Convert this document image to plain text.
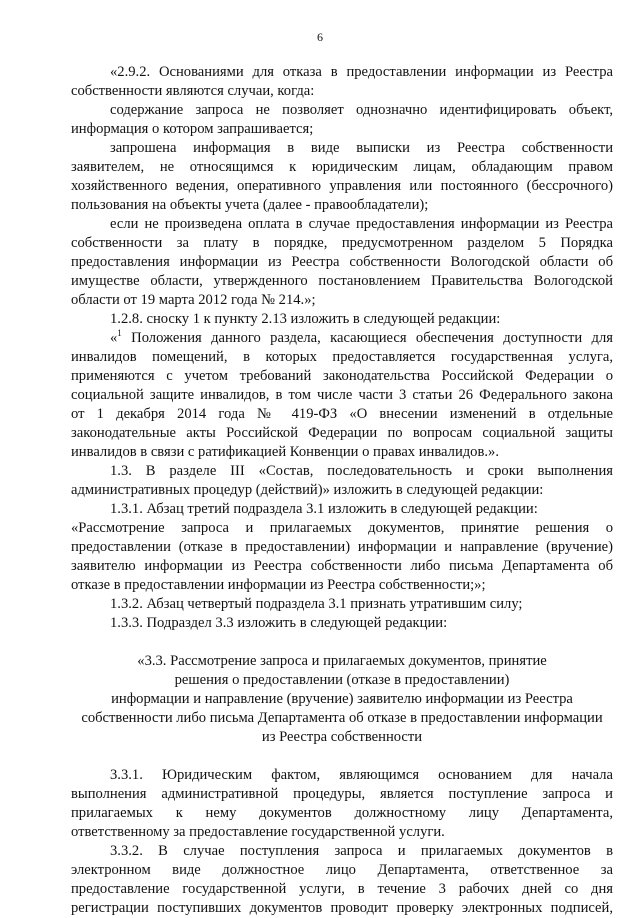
6
«2.9.2. Основаниями для отказа в предоставлении информации из Реестра
собственности являются случаи, когда:
содержание запроса не позволяет однозначно идентифицировать объект,
информация о котором запрашивается;
запрошена информация в виде выписки из Реестра собственности
заявителем, не относящимся к юридическим лицам, обладающим правом
хозяйственного ведения, оперативного управления или постоянного (бессрочного)
пользования на объекты учета (далее - правообладатели);
если не произведена оплата в случае предоставления информации из Реестра
собственности за плату в порядке, предусмотренном разделом 5 Порядка
предоставления информации из Реестра собственности Вологодской области об
имуществе области, утвержденного постановлением Правительства Вологодской
области от 19 марта 2012 года № 214.»;
1.2.8. сноску 1 к пункту 2.13 изложить в следующей редакции:
«$^1$ Положения данного раздела, касающиеся обеспечения доступности для
инвалидов помещений, в которых предоставляется государственная услуга,
применяются с учетом требований законодательства Российской Федерации о
социальной защите инвалидов, в том числе части 3 статьи 26 Федерального закона
от 1 декабря 2014 года № 419-ФЗ «О внесении изменений в отдельные
законодательные акты Российской Федерации по вопросам социальной защиты
инвалидов в связи с ратификацией Конвенции о правах инвалидов.».
1.3. В разделе III «Состав, последовательность и сроки выполнения
административных процедур (действий)» изложить в следующей редакции:
1.3.1. Абзац третий подраздела 3.1 изложить в следующей редакции:
«Рассмотрение запроса и прилагаемых документов, принятие решения о
предоставлении (отказе в предоставлении) информации и направление (вручение)
заявителю информации из Реестра собственности либо письма Департамента об
отказе в предоставлении информации из Реестра собственности;»;
1.3.2. Абзац четвертый подраздела 3.1 признать утратившим силу;
1.3.3. Подраздел 3.3 изложить в следующей редакции:
«3.3. Рассмотрение запроса и прилагаемых документов, принятие
решения о предоставлении (отказе в предоставлении)
информации и направление (вручение) заявителю информации из Реестра
собственности либо письма Департамента об отказе в предоставлении информации
из Реестра собственности
3.3.1. Юридическим фактом, являющимся основанием для начала
выполнения административной процедуры, является поступление запроса и
прилагаемых к нему документов должностному лицу Департамента,
ответственному за предоставление государственной услуги.
3.3.2. В случае поступления запроса и прилагаемых документов в
электронном виде должностное лицо Департамента, ответственное за
предоставление государственной услуги, в течение 3 рабочих дней со дня
регистрации поступивших документов проводит проверку электронных подписей,
